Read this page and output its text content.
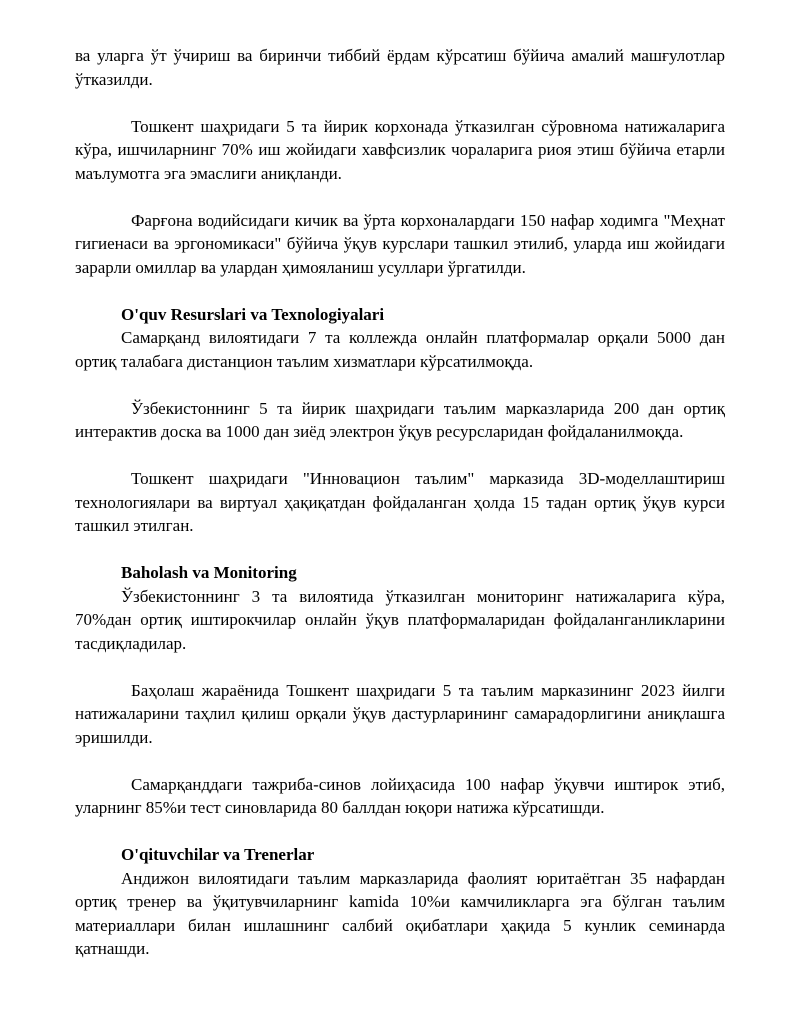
ва уларга ўт ўчириш ва биринчи тиббий ёрдам кўрсатиш бўйича амалий машғулотлар ўтказилди.

Тошкент шаҳридаги 5 та йирик корхонада ўтказилган сўровнома натижаларига кўра, ишчиларнинг 70% иш жойидаги хавфсизлик чораларига риоя этиш бўйича етарли маълумотга эга эмаслиги аниқланди.

Фарғона водийсидаги кичик ва ўрта корхоналардаги 150 нафар ходимга "Меҳнат гигиенаси ва эргономикаси" бўйича ўқув курслари ташкил этилиб, уларда иш жойидаги зарарли омиллар ва улардан ҳимояланиш усуллари ўргатилди.

O'quv Resurslari va Texnologiyalari

Самарқанд вилоятидаги 7 та коллежда онлайн платформалар орқали 5000 дан ортиқ талабага дистанцион таълим хизматлари кўрсатилмоқда.

Ўзбекистоннинг 5 та йирик шаҳридаги таълим марказларида 200 дан ортиқ интерактив доска ва 1000 дан зиёд электрон ўқув ресурсларидан фойдаланилмоқда.

Тошкент шаҳридаги "Инновацион таълим" марказида 3D-моделлаштириш технологиялари ва виртуал ҳақиқатдан фойдаланган ҳолда 15 тадан ортиқ ўқув курси ташкил этилган.

Baholash va Monitoring

Ўзбекистоннинг 3 та вилоятида ўтказилган мониторинг натижаларига кўра, 70%дан ортиқ иштирокчилар онлайн ўқув платформаларидан фойдаланганликларини тасдиқладилар.

Баҳолаш жараёнида Тошкент шаҳридаги 5 та таълим марказининг 2023 йилги натижаларини таҳлил қилиш орқали ўқув дастурларининг самарадорлигини аниқлашга эришилди.

Самарқанддаги тажриба-синов лойиҳасида 100 нафар ўқувчи иштирок этиб, уларнинг 85%и тест синовларида 80 баллдан юқори натижа кўрсатишди.

O'qituvchilar va Trenerlar

Андижон вилоятидаги таълим марказларида фаолият юритаётган 35 нафардан ортиқ тренер ва ўқитувчиларнинг kamida 10%и камчиликларга эга бўлган таълим материаллари билан ишлашнинг салбий оқибатлари ҳақида 5 кунлик семинарда қатнашди.
